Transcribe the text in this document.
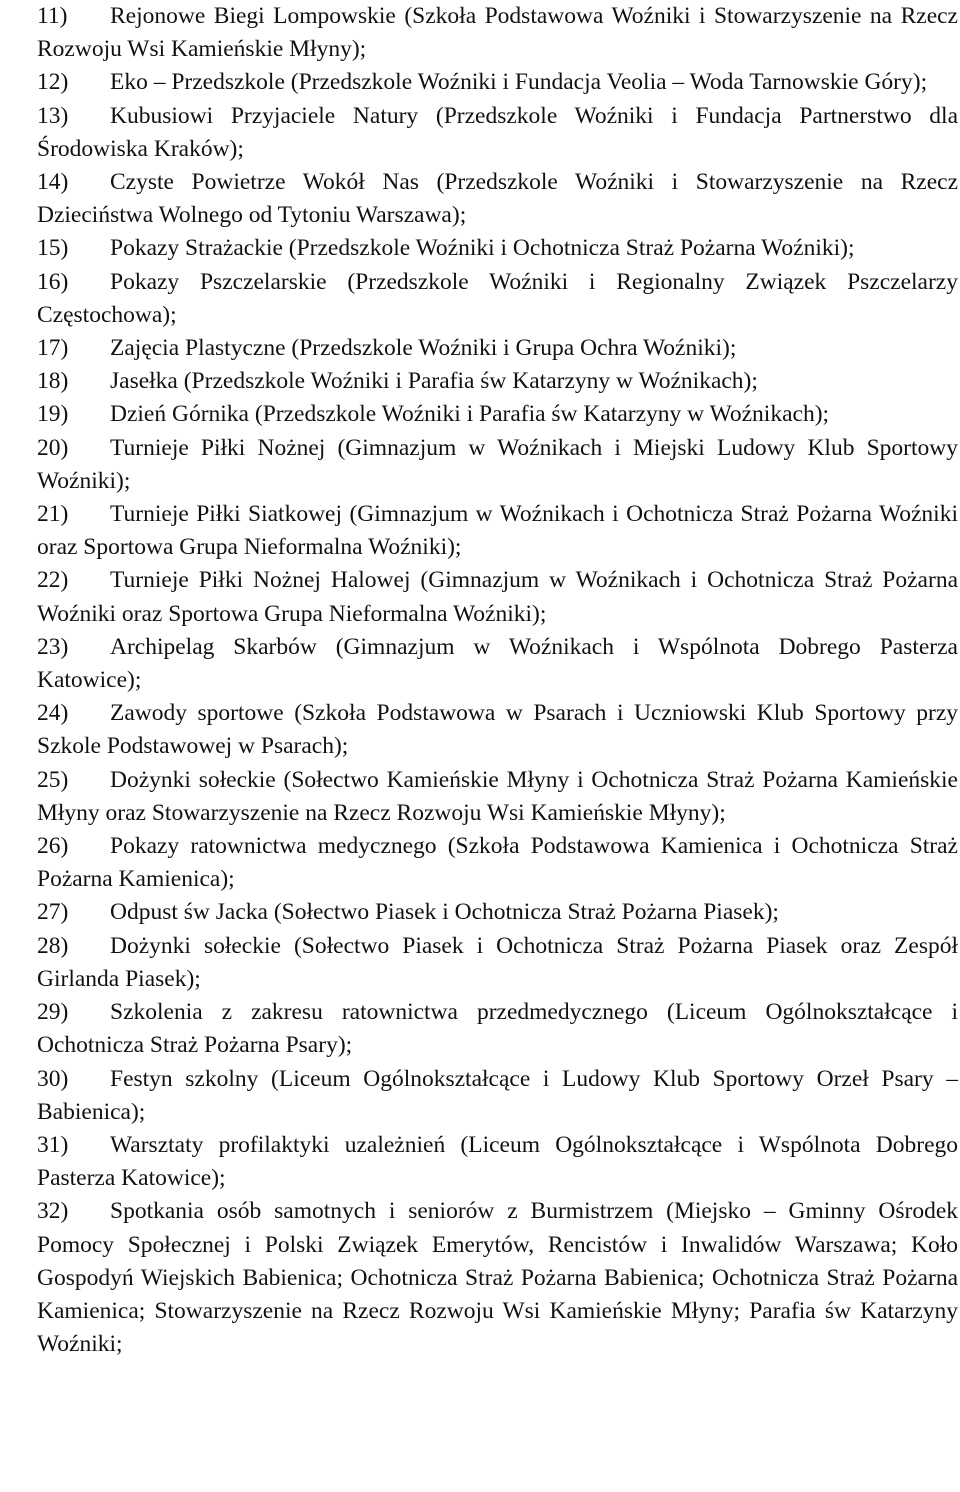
11) Rejonowe Biegi Lompowskie (Szkoła Podstawowa Woźniki i Stowarzyszenie na Rzecz Rozwoju Wsi Kamieńskie Młyny);

12) Eko – Przedszkole (Przedszkole Woźniki i Fundacja Veolia – Woda Tarnowskie Góry);

13) Kubusiowi Przyjaciele Natury (Przedszkole Woźniki i Fundacja Partnerstwo dla Środowiska Kraków);

14) Czyste Powietrze Wokół Nas (Przedszkole Woźniki i Stowarzyszenie na Rzecz Dzieciństwa Wolnego od Tytoniu Warszawa);

15) Pokazy Strażackie (Przedszkole Woźniki i Ochotnicza Straż Pożarna Woźniki);

16) Pokazy Pszczelarskie (Przedszkole Woźniki i Regionalny Związek Pszczelarzy Częstochowa);

17) Zajęcia Plastyczne (Przedszkole Woźniki i Grupa Ochra Woźniki);

18) Jasełka (Przedszkole Woźniki i Parafia św Katarzyny w Woźnikach);

19) Dzień Górnika (Przedszkole Woźniki i Parafia św Katarzyny w Woźnikach);

20) Turnieje Piłki Nożnej (Gimnazjum w Woźnikach i Miejski Ludowy Klub Sportowy Woźniki);

21) Turnieje Piłki Siatkowej (Gimnazjum w Woźnikach i Ochotnicza Straż Pożarna Woźniki oraz Sportowa Grupa Nieformalna Woźniki);

22) Turnieje Piłki Nożnej Halowej (Gimnazjum w Woźnikach i Ochotnicza Straż Pożarna Woźniki oraz Sportowa Grupa Nieformalna Woźniki);

23) Archipelag Skarbów (Gimnazjum w Woźnikach i Wspólnota Dobrego Pasterza Katowice);

24) Zawody sportowe (Szkoła Podstawowa w Psarach i Uczniowski Klub Sportowy przy Szkole Podstawowej w Psarach);

25) Dożynki sołeckie (Sołectwo Kamieńskie Młyny i Ochotnicza Straż Pożarna Kamieńskie Młyny oraz Stowarzyszenie na Rzecz Rozwoju Wsi Kamieńskie Młyny);

26) Pokazy ratownictwa medycznego (Szkoła Podstawowa Kamienica i Ochotnicza Straż Pożarna Kamienica);

27) Odpust św Jacka (Sołectwo Piasek i Ochotnicza Straż Pożarna Piasek);

28) Dożynki sołeckie (Sołectwo Piasek i Ochotnicza Straż Pożarna Piasek oraz Zespół Girlanda Piasek);

29) Szkolenia z zakresu ratownictwa przedmedycznego (Liceum Ogólnokształcące i Ochotnicza Straż Pożarna Psary);

30) Festyn szkolny (Liceum Ogólnokształcące i Ludowy Klub Sportowy Orzeł Psary – Babienica);

31) Warsztaty profilaktyki uzależnień (Liceum Ogólnokształcące i Wspólnota Dobrego Pasterza Katowice);

32) Spotkania osób samotnych i seniorów z Burmistrzem (Miejsko – Gminny Ośrodek Pomocy Społecznej i Polski Związek Emerytów, Rencistów i Inwalidów Warszawa; Koło Gospodyń Wiejskich Babienica; Ochotnicza Straż Pożarna Babienica; Ochotnicza Straż Pożarna Kamienica; Stowarzyszenie na Rzecz Rozwoju Wsi Kamieńskie Młyny; Parafia św Katarzyny Woźniki;
